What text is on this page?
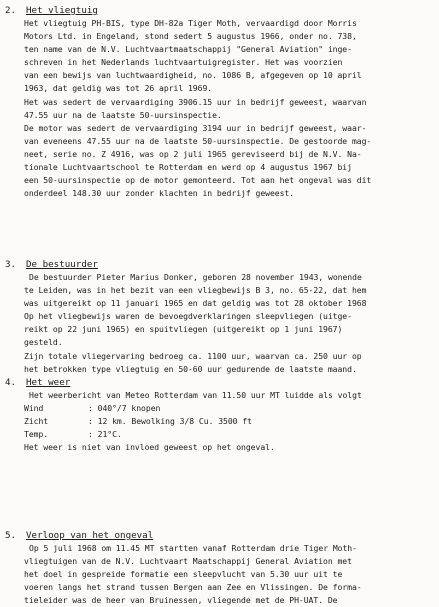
2. Het vliegtuig
Het vliegtuig PH-BIS, type DH-82a Tiger Moth, vervaardigd door Morris
Motors Ltd. in Engeland, stond sedert 5 augustus 1966, onder no. 738,
ten name van de N.V. Luchtvaartmaatschappij "General Aviation" inge-
schreven in het Nederlands luchtvaartuigregister. Het was voorzien
van een bewijs van luchtwaardigheid, no. 1086 B, afgegeven op 10 april
1963, dat geldig was tot 26 april 1969.
Het was sedert de vervaardiging 3906.15 uur in bedrijf geweest, waarvan
47.55 uur na de laatste 50-uursinspectie.
De motor was sedert de vervaardiging 3194 uur in bedrijf geweest, waar-
van eveneens 47.55 uur na de laatste 50-uursinspectie. De gestoorde mag-
neet, serie no. Z 4916, was op 2 juli 1965 gereviseerd bij de N.V. Na-
tionale Luchtvaartschool te Rotterdam en werd op 4 augustus 1967 bij
een 50-uursinspectie op de motor gemonteerd. Tot aan het ongeval was dit
onderdeel 148.30 uur zonder klachten in bedrijf geweest.
3. De bestuurder
De bestuurder Pieter Marius Donker, geboren 28 november 1943, wonende
te Leiden, was in het bezit van een vliegbewijs B 3, no. 65-22, dat hem
was uitgereikt op 11 januari 1965 en dat geldig was tot 28 oktober 1968
Op het vliegbewijs waren de bevoegdverklaringen sleepvliegen (uitge-
reikt op 22 juni 1965) en spuitvliegen (uitgereikt op 1 juni 1967)
gesteld.
Zijn totale vliegervaring bedroeg ca. 1100 uur, waarvan ca. 250 uur op
het betrokken type vliegtuig en 50-60 uur gedurende de laatste maand.
4. Het weer
Het weerbericht van Meteo Rotterdam van 11.50 uur MT luidde als volgt
Wind	: 040°/7 knopen
Zicht	: 12 km. Bewolking 3/8 Cu. 3500 ft
Temp.	: 21°C.
Het weer is niet van invloed geweest op het ongeval.
5. Verloop van het ongeval
Op 5 juli 1968 om 11.45 MT startten vanaf Rotterdam drie Tiger Moth-
vliegtuigen van de N.V. Luchtvaart Maatschappij General Aviation met
het doel in gespreide formatie een sleepvlucht van 5.30 uur uit te
voeren langs het strand tussen Bergen aan Zee en Vlissingen. De forma-
tieleider was de heer van Bruinessen, vliegende met de PH-UAT. De
